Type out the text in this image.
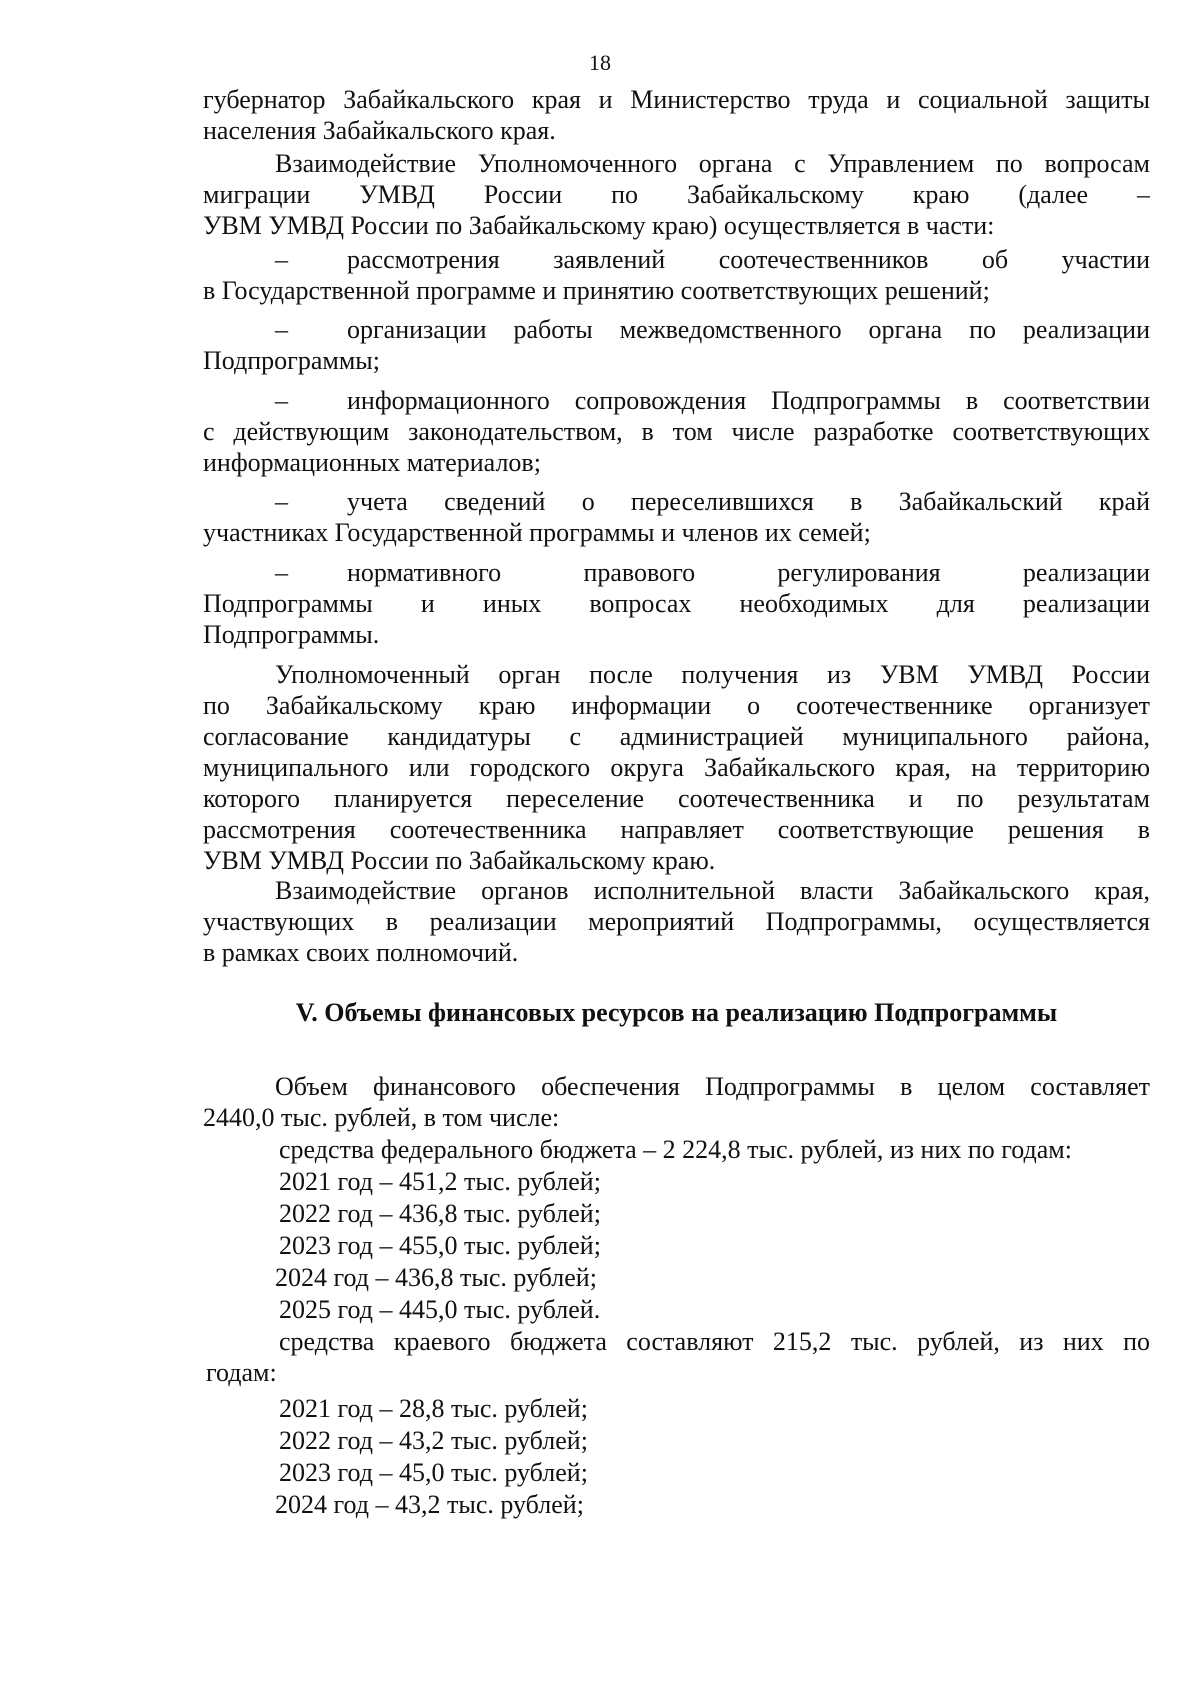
18
губернатор Забайкальского края и Министерство труда и социальной защиты
населения Забайкальского края.
Взаимодействие Уполномоченного органа с Управлением по вопросам
миграции УМВД России по Забайкальскому краю (далее –
УВМ УМВД России по Забайкальскому краю) осуществляется в части:
–	рассмотрения заявлений соотечественников об участии
в Государственной программе и принятию соответствующих решений;
–	организации работы межведомственного органа по реализации
Подпрограммы;
–	информационного сопровождения Подпрограммы в соответствии
с действующим законодательством, в том числе разработке соответствующих
информационных материалов;
–	учета сведений о переселившихся в Забайкальский край
участниках Государственной программы и членов их семей;
–	нормативного правового регулирования реализации
Подпрограммы и иных вопросах необходимых для реализации
Подпрограммы.
Уполномоченный орган после получения из УВМ УМВД России
по Забайкальскому краю информации о соотечественнике организует
согласование кандидатуры с администрацией муниципального района,
муниципального или городского округа Забайкальского края, на территорию
которого планируется переселение соотечественника и по результатам
рассмотрения соотечественника направляет соответствующие решения в
УВМ УМВД России по Забайкальскому краю.
Взаимодействие органов исполнительной власти Забайкальского края,
участвующих в реализации мероприятий Подпрограммы, осуществляется
в рамках своих полномочий.
V. Объемы финансовых ресурсов на реализацию Подпрограммы
Объем финансового обеспечения Подпрограммы в целом составляет
2440,0 тыс. рублей, в том числе:
средства федерального бюджета – 2 224,8 тыс. рублей, из них по годам:
2021 год – 451,2 тыс. рублей;
2022 год – 436,8 тыс. рублей;
2023 год – 455,0 тыс. рублей;
2024 год – 436,8 тыс. рублей;
2025 год – 445,0 тыс. рублей.
средства краевого бюджета составляют 215,2 тыс. рублей, из них по
годам:
2021 год – 28,8 тыс. рублей;
2022 год – 43,2 тыс. рублей;
2023 год – 45,0 тыс. рублей;
2024 год – 43,2 тыс. рублей;
